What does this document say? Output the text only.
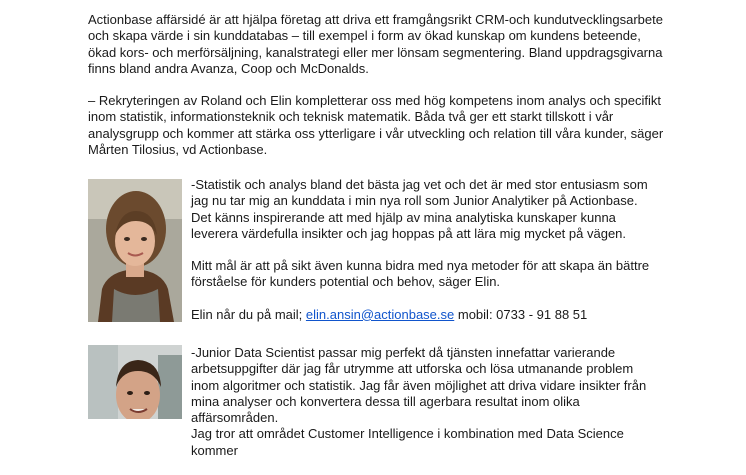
Actionbase affärsidé är att hjälpa företag att driva ett framgångsrikt CRM-och kundutvecklingsarbete och skapa värde i sin kunddatabas – till exempel i form av ökad kunskap om kundens beteende, ökad kors- och merförsäljning, kanalstrategi eller mer lönsam segmentering. Bland uppdragsgivarna finns bland andra Avanza, Coop och McDonalds.

– Rekryteringen av Roland och Elin kompletterar oss med hög kompetens inom analys och specifikt inom statistik, informationsteknik och teknisk matematik. Båda två ger ett starkt tillskott i vår analysgrupp och kommer att stärka oss ytterligare i vår utveckling och relation till våra kunder, säger Mårten Tilosius, vd Actionbase.

-Statistik och analys bland det bästa jag vet och det är med stor entusiasm som jag nu tar mig an kunddata i min nya roll som Junior Analytiker på Actionbase. Det känns inspirerande att med hjälp av mina analytiska kunskaper kunna leverera värdefulla insikter och jag hoppas på att lära mig mycket på vägen.

Mitt mål är att på sikt även kunna bidra med nya metoder för att skapa än bättre förståelse för kunders potential och behov, säger Elin.

Elin når du på mail; elin.ansin@actionbase.se mobil: 0733 - 91 88 51

-Junior Data Scientist passar mig perfekt då tjänsten innefattar varierande arbetsuppgifter där jag får utrymme att utforska och lösa utmanande problem inom algoritmer och statistik. Jag får även möjlighet att driva vidare insikter från mina analyser och konvertera dessa till agerbara resultat inom olika affärsområden.

Jag tror att området Customer Intelligence i kombination med Data Science kommer
